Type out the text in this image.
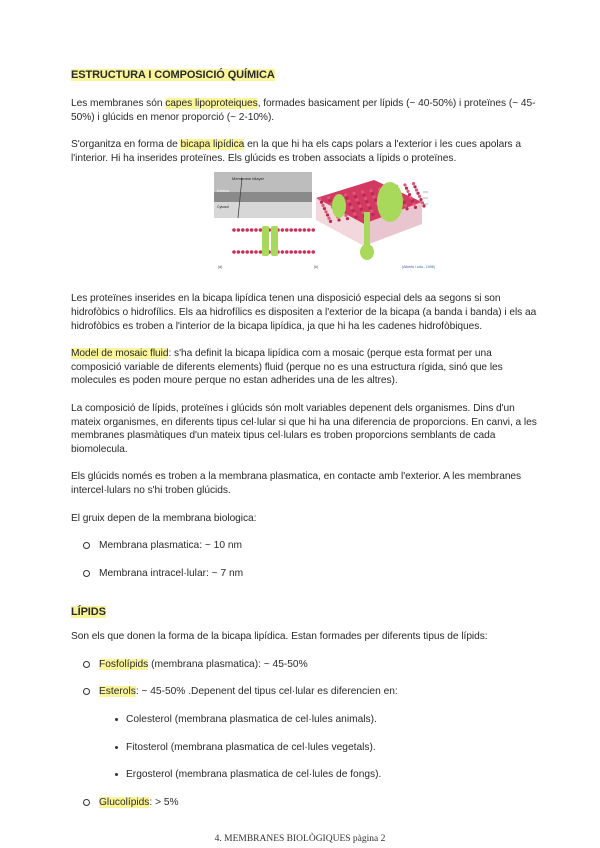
ESTRUCTURA I COMPOSICIÓ QUÍMICA

Les membranes són capes lipoproteiques, formades basicament per lípids (~ 40-50%) i proteïnes (~ 45-50%) i glúcids en menor proporció (~ 2-10%).

S'organitza en forma de bicapa lipídica en la que hi ha els caps polars a l'exterior i les cues apolars a l'interior. Hi ha inserides proteïnes. Els glúcids es troben associats a lípids o proteïnes.

Les proteïnes inserides en la bicapa lipídica tenen una disposició especial dels aa segons si son hidrofòbics o hidrofílics. Els aa hidrofílics es dispositen a l'exterior de la bicapa (a banda i banda) i els aa hidrofòbics es troben a l'interior de la bicapa lipídica, ja que hi ha les cadenes hidrofòbiques.

Model de mosaic fluid: s'ha definit la bicapa lipídica com a mosaic (perque esta format per una composició variable de diferents elements) fluid (perque no es una estructura rígida, sinó que les molecules es poden moure perque no estan adherides una de les altres).

La composició de lípids, proteïnes i glúcids són molt variables depenent dels organismes. Dins d'un mateix organismes, en diferents tipus cel·lular si que hi ha una diferencia de proporcions. En canvi, a les membranes plasmàtiques d'un mateix tipus cel·lulars es troben proporcions semblants de cada biomolecula.

Els glúcids només es troben a la membrana plasmatica, en contacte amb l'exterior. A les membranes intercel·lulars no s'hi troben glúcids.

El gruix depen de la membrana biologica:

Membrana plasmatica: ~ 10 nm
Membrana intracel·lular: ~ 7 nm
LÍPIDS

Son els que donen la forma de la bicapa lipídica. Estan formades per diferents tipus de lípids:

Fosfolípids (membrana plasmatica): ~ 45-50%
Esterols: ~ 45-50% .Depenent del tipus cel·lular es diferencien en:
Colesterol (membrana plasmatica de cel·lules animals).
Fitosterol (membrana plasmatica de cel·lules vegetals).
Ergosterol (membrana plasmatica de cel·lules de fongs).
Glucolípids: > 5%
Membrane bilayer
Exterior
Cytosol
(a)	(b)	(Alberts i cols., 1996)
4. MEMBRANES BIOLÒGIQUES pàgina 2
